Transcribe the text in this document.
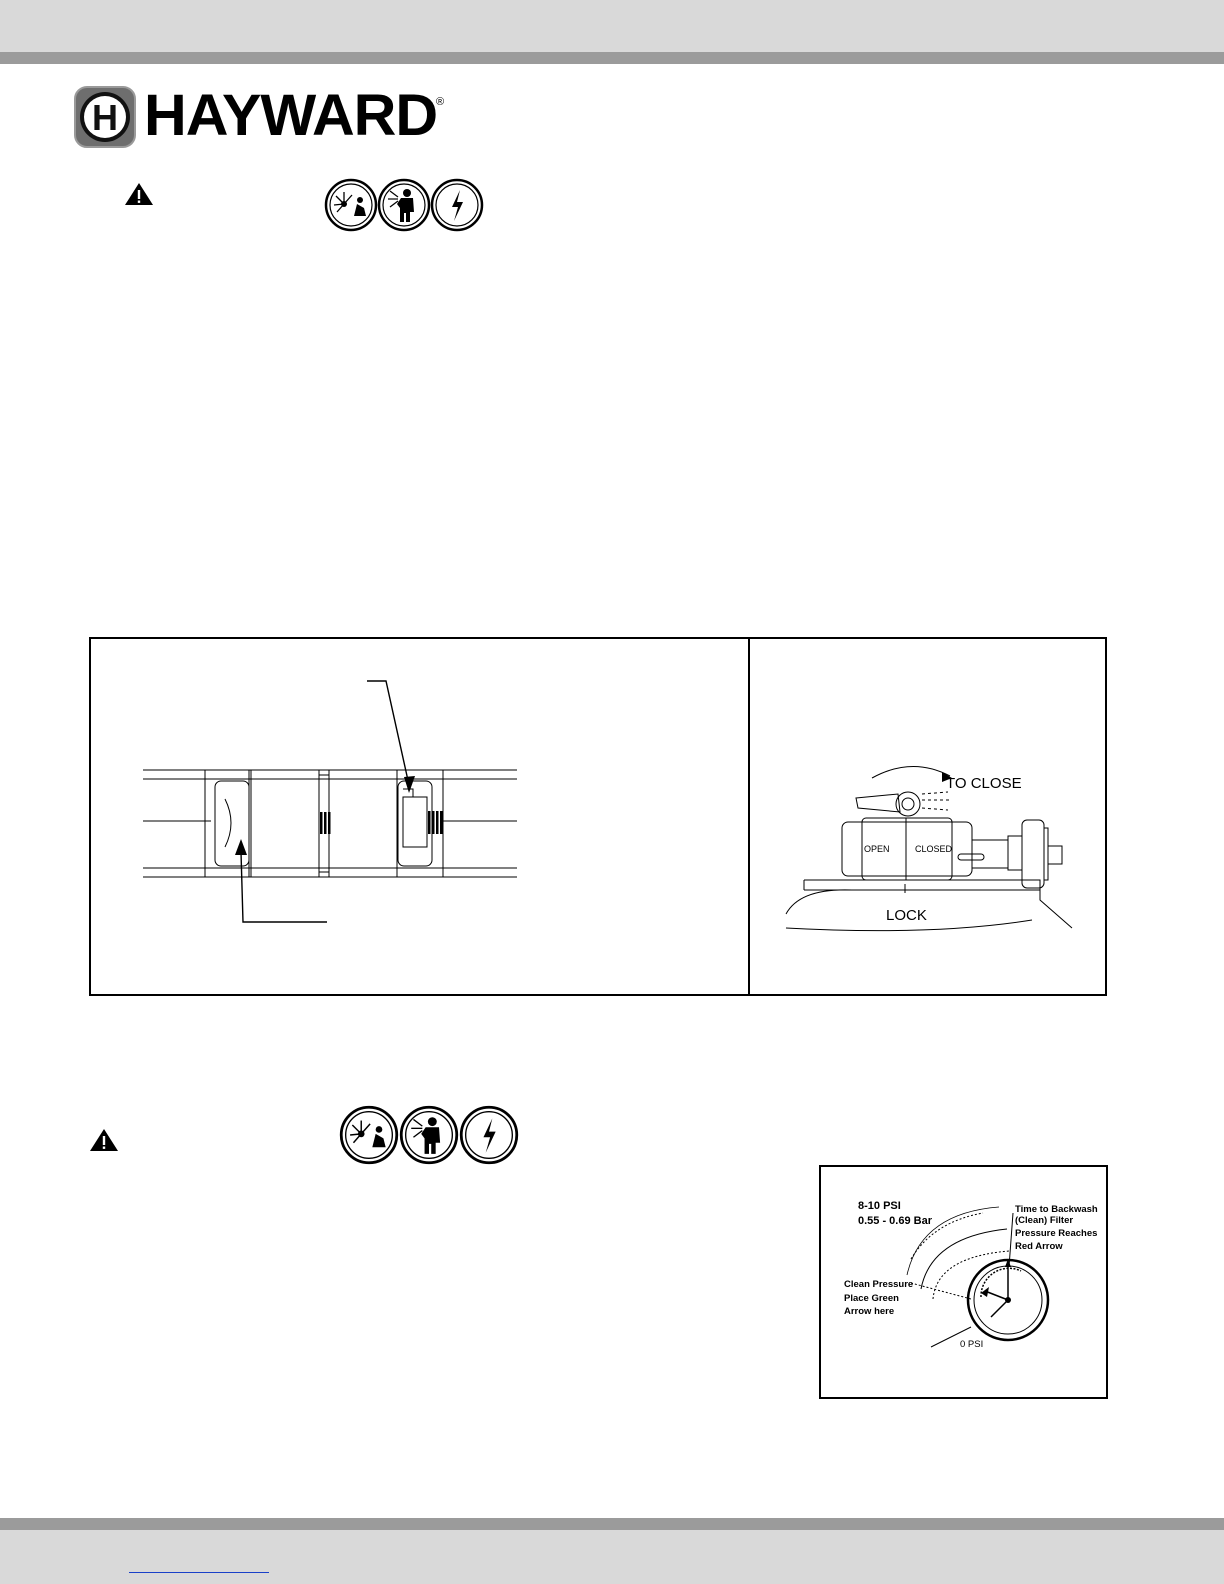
H HAYWARD
®
TO CLOSE
OPEN	CLOSED
LOCK
8-10 PSI
0.55 - 0.69 Bar
Time to Backwash
(Clean) Filter
Pressure Reaches
Red Arrow
Clean Pressure
Place Green
Arrow here
0 PSI
